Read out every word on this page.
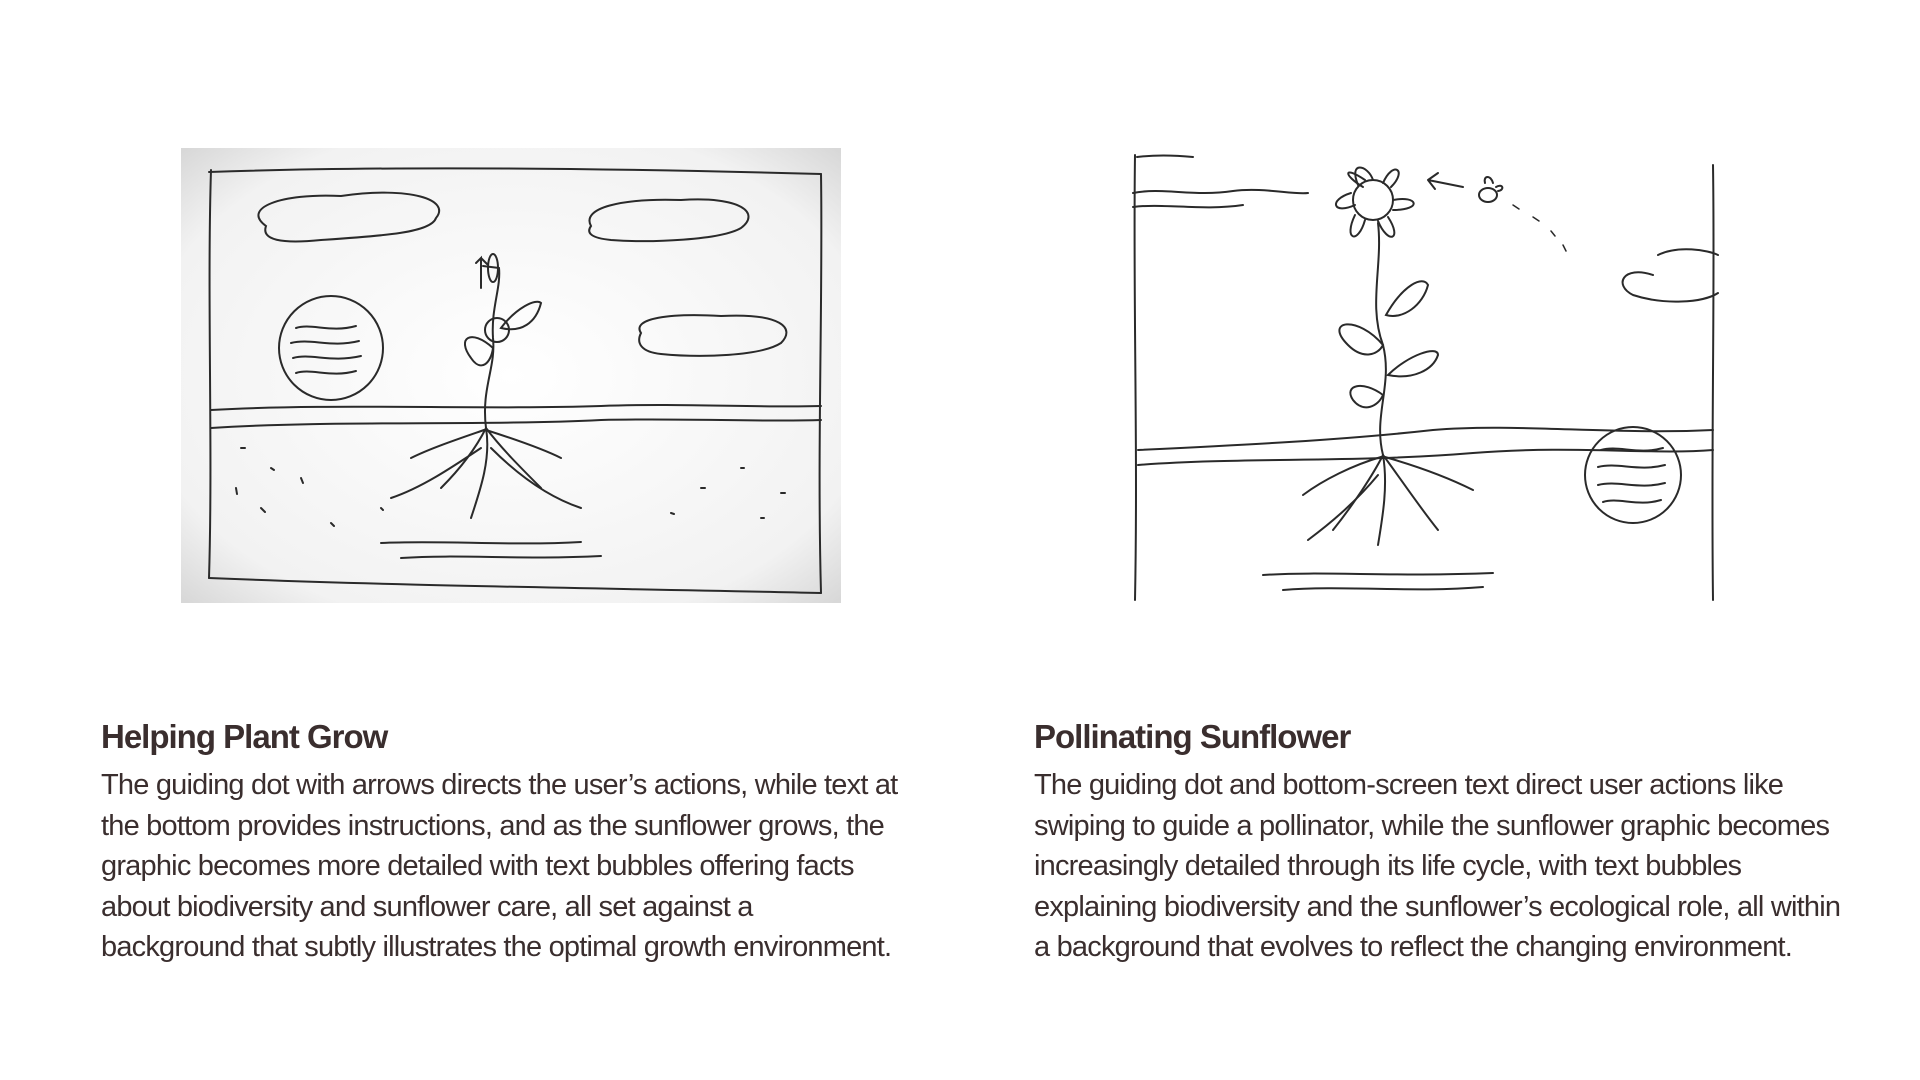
Helping Plant Grow

The guiding dot with arrows directs the user’s actions, while text at the bottom provides instructions, and as the sunflower grows, the graphic becomes more detailed with text bubbles offering facts about biodiversity and sunflower care, all set against a background that subtly illustrates the optimal growth environment.

Pollinating Sunflower

The guiding dot and bottom-screen text direct user actions like swiping to guide a pollinator, while the sunflower graphic becomes increasingly detailed through its life cycle, with text bubbles explaining biodiversity and the sunflower’s ecological role, all within a background that evolves to reflect the changing environment.
